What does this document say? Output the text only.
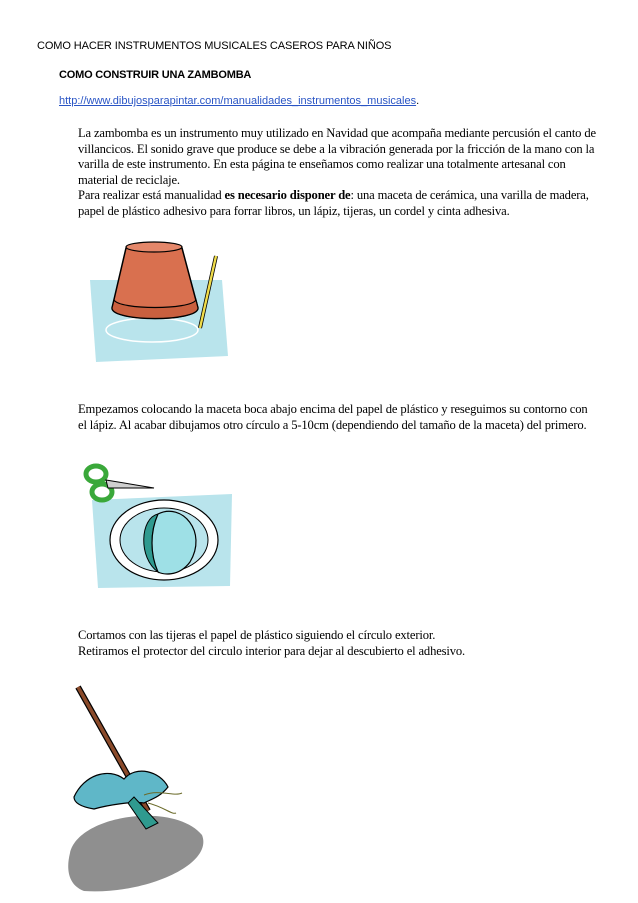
COMO HACER INSTRUMENTOS MUSICALES CASEROS PARA NIÑOS
COMO CONSTRUIR UNA ZAMBOMBA
http://www.dibujosparapintar.com/manualidades_instrumentos_musicales.

La zambomba es un instrumento muy utilizado en Navidad que acompaña mediante percusión el canto de villancicos. El sonido grave que produce se debe a la vibración generada por la fricción de la mano con la varilla de este instrumento. En esta página te enseñamos como realizar una totalmente artesanal con material de reciclaje.

Para realizar está manualidad es necesario disponer de: una maceta de cerámica, una varilla de madera, papel de plástico adhesivo para forrar libros, un lápiz, tijeras, un cordel y cinta adhesiva.

Empezamos colocando la maceta boca abajo encima del papel de plástico y reseguimos su contorno con el lápiz. Al acabar dibujamos otro círculo a 5-10cm (dependiendo del tamaño de la maceta) del primero.

Cortamos con las tijeras el papel de plástico siguiendo el círculo exterior.

Retiramos el protector del circulo interior para dejar al descubierto el adhesivo.
